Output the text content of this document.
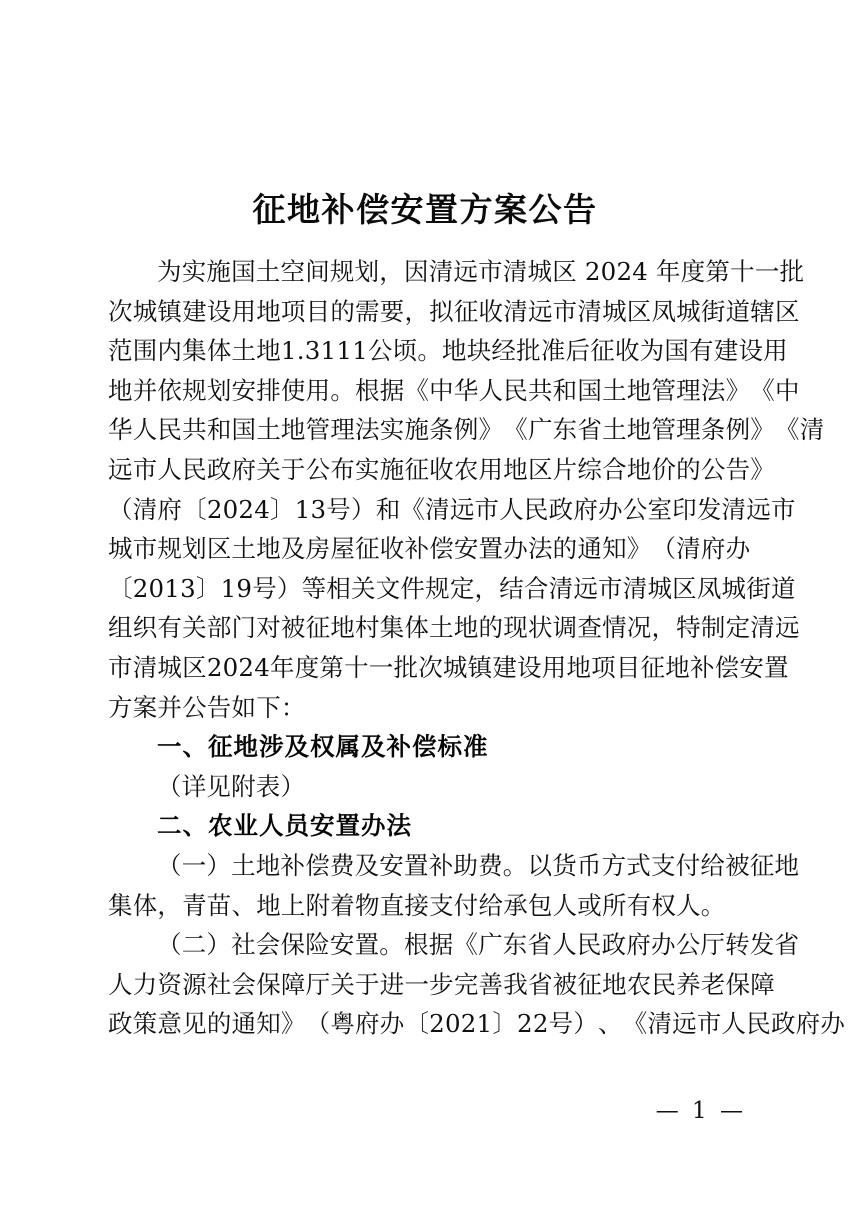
征地补偿安置方案公告
为实施国土空间规划，因清远市清城区 2024 年度第十一批
次 城 镇 建 设 用 地 项 目 的 需 要 ， 拟 征 收 清 远 市 清 城 区 凤 城 街 道 辖 区
范 围 内 集 体 土 地 1 . 3 1 1 1 公 顷 。 地 块 经 批 准 后 征 收 为 国 有 建 设 用
地 并 依 规 划 安 排 使 用 。 根 据 《 中 华 人 民 共 和 国 土 地 管 理 法 》 《 中
华 人 民 共 和 国 土 地 管 理 法 实 施 条 例 》 《 广 东 省 土 地 管 理 条 例 》 《 清
远 市 人 民 政 府 关 于 公 布 实 施 征 收 农 用 地 区 片 综 合 地 价 的 公 告 》
（ 清 府 〔 2 0 2 4 〕 1 3 号 ） 和 《 清 远 市 人 民 政 府 办 公 室 印 发 清 远 市
城 市 规 划 区 土 地 及 房 屋 征 收 补 偿 安 置 办 法 的 通 知 》 （ 清 府 办
〔 2 0 1 3 〕 1 9 号 ） 等 相 关 文 件 规 定 ， 结 合 清 远 市 清 城 区 凤 城 街 道
组 织 有 关 部 门 对 被 征 地 村 集 体 土 地 的 现 状 调 查 情 况 ， 特 制 定 清 远
市 清 城 区 2 0 2 4 年 度 第 十 一 批 次 城 镇 建 设 用 地 项 目 征 地 补 偿 安 置
方案并公告如下：
一、征地涉及权属及补偿标准
（详见附表）
二、农业人员安置办法
（一）土地补偿费及安置补助费。以货币方式支付给被征地
集体，青苗、地上附着物直接支付给承包人或所有权人。
（二）社会保险安置。根据《广东省人民政府办公厅转发省
人 力 资 源 社 会 保 障 厅 关 于 进 一 步 完 善 我 省 被 征 地 农 民 养 老 保 障
政 策 意 见 的 通 知 》 （ 粤 府 办 〔 2 0 2 1 〕 2 2 号 ） 、 《 清 远 市 人 民 政 府 办
— 1 —
